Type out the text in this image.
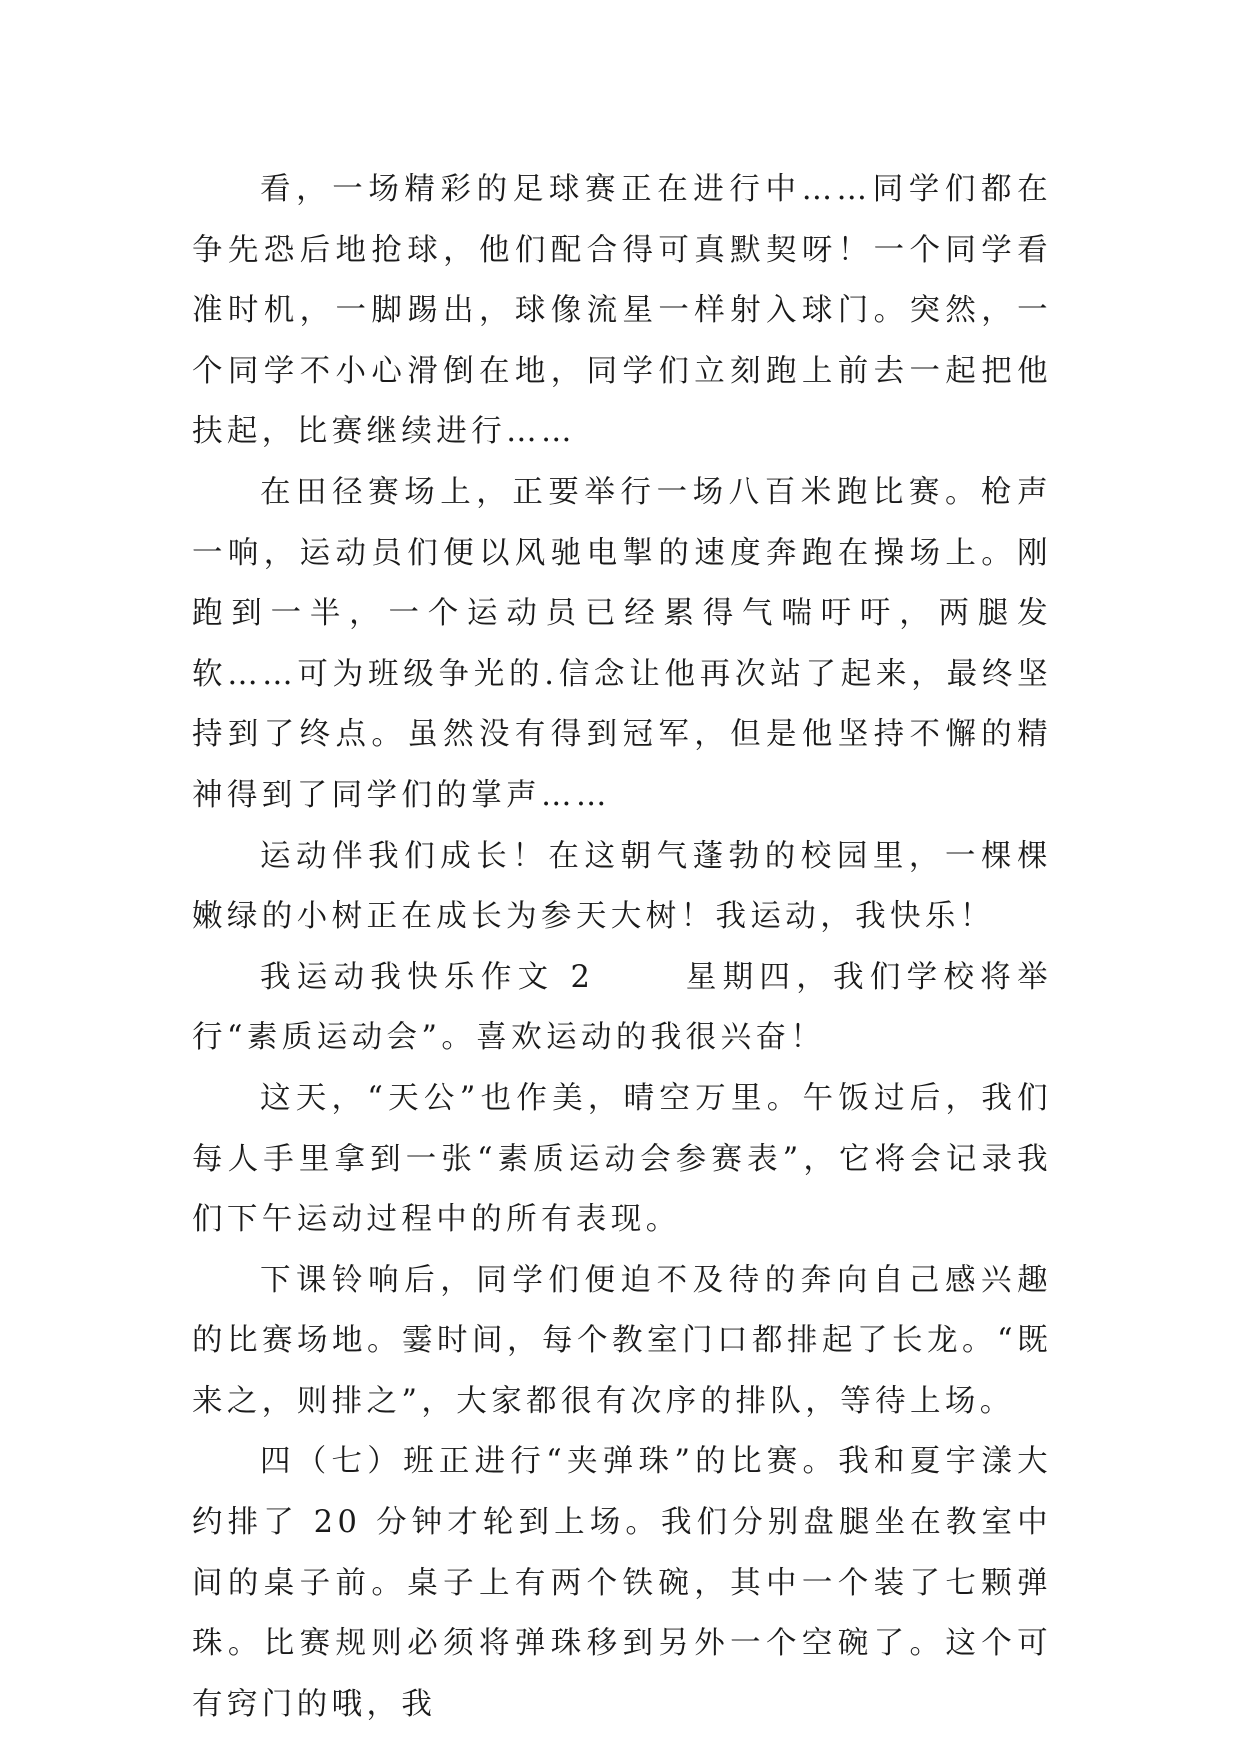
看，一场精彩的足球赛正在进行中……同学们都在争先恐后地抢球，他们配合得可真默契呀！一个同学看准时机，一脚踢出，球像流星一样射入球门。突然，一个同学不小心滑倒在地，同学们立刻跑上前去一起把他扶起，比赛继续进行……

在田径赛场上，正要举行一场八百米跑比赛。枪声一响，运动员们便以风驰电掣的速度奔跑在操场上。刚跑到一半，一个运动员已经累得气喘吁吁，两腿发软……可为班级争光的.信念让他再次站了起来，最终坚持到了终点。虽然没有得到冠军，但是他坚持不懈的精神得到了同学们的掌声……

运动伴我们成长！在这朝气蓬勃的校园里，一棵棵嫩绿的小树正在成长为参天大树！我运动，我快乐！

我运动我快乐作文 2　　 星期四，我们学校将举行“素质运动会”。喜欢运动的我很兴奋！

这天，“天公”也作美，晴空万里。午饭过后，我们每人手里拿到一张“素质运动会参赛表”，它将会记录我们下午运动过程中的所有表现。

下课铃响后，同学们便迫不及待的奔向自己感兴趣的比赛场地。霎时间，每个教室门口都排起了长龙。“既来之，则排之”，大家都很有次序的排队，等待上场。

四（七）班正进行“夹弹珠”的比赛。我和夏宇漾大约排了 20 分钟才轮到上场。我们分别盘腿坐在教室中间的桌子前。桌子上有两个铁碗，其中一个装了七颗弹珠。比赛规则必须将弹珠移到另外一个空碗了。这个可有窍门的哦，我
